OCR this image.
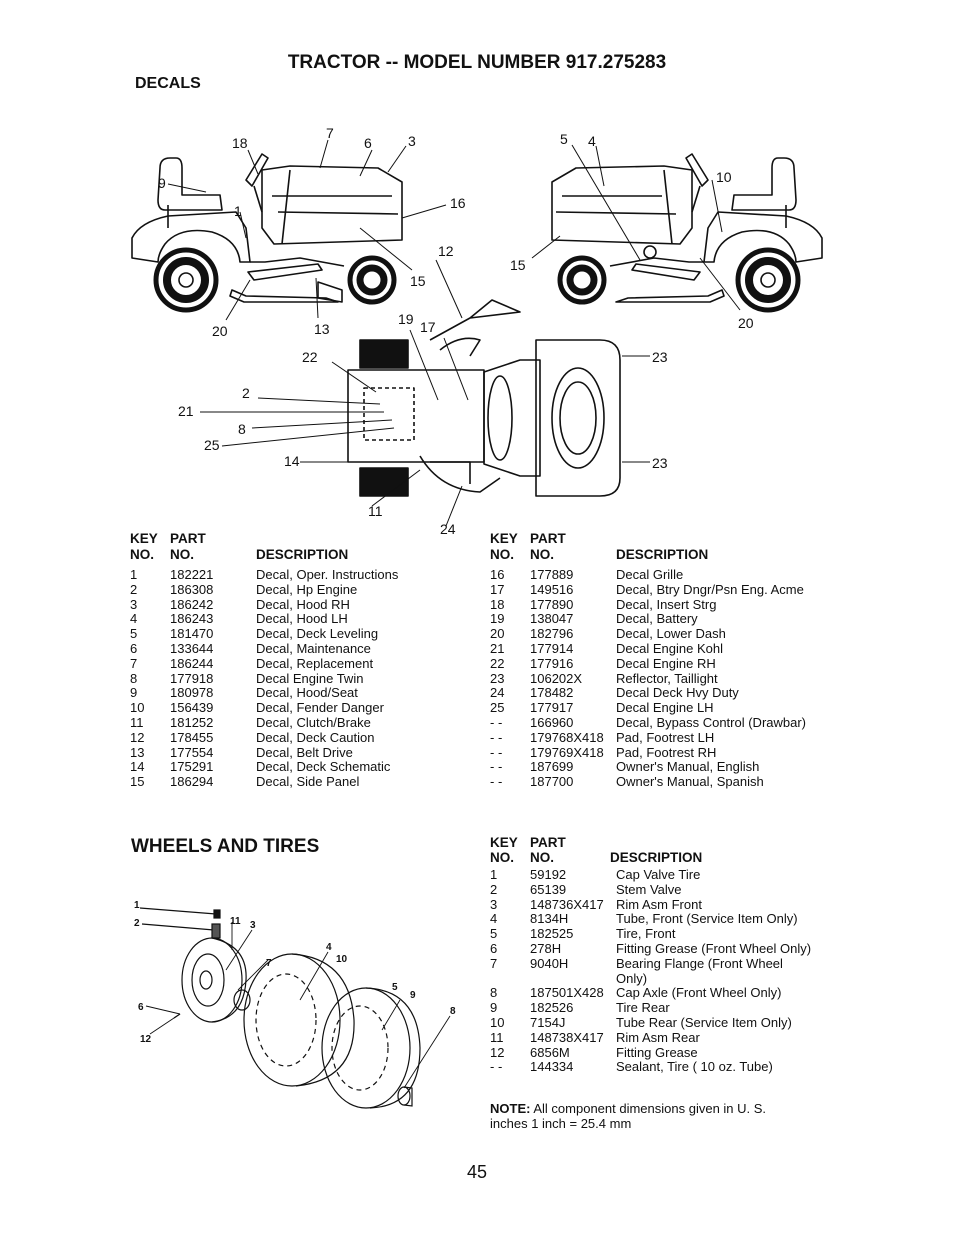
TRACTOR -- MODEL NUMBER 917.275283
DECALS
18
7
6	3
9
1	16
12
15
20	13
5 4
10
15
20
19 17
22	23
2
21
8
25
14	23
11
24
KEY PART
NO. NO.	DESCRIPTION
1	182221	Decal, Oper. Instructions
2	186308	Decal, Hp Engine
3	186242	Decal, Hood RH
4	186243	Decal, Hood LH
5	181470	Decal, Deck Leveling
6	133644	Decal, Maintenance
7	186244	Decal, Replacement
8	177918	Decal Engine Twin
9	180978	Decal, Hood/Seat
10 156439	Decal, Fender Danger
11 181252	Decal, Clutch/Brake
12 178455	Decal, Deck Caution
13 177554	Decal, Belt Drive
14 175291	Decal, Deck Schematic
15 186294	Decal, Side Panel
KEY PART
NO. NO.	DESCRIPTION
16 177889	Decal Grille
17 149516	Decal, Btry Dngr/Psn Eng. Acme
18 177890	Decal, Insert Strg
19 138047	Decal, Battery
20 182796	Decal, Lower Dash
21 177914	Decal Engine Kohl
22 177916	Decal Engine RH
23 106202X	Reflector, Taillight
24 178482	Decal Deck Hvy Duty
25 177917	Decal Engine LH
- - 166960	Decal, Bypass Control (Drawbar)
- - 179768X418 Pad, Footrest LH
- - 179769X418 Pad, Footrest RH
- - 187699	Owner's Manual, English
- - 187700	Owner's Manual, Spanish
WHEELS AND TIRES
1
2	11 3
4
10
7
5
9
8
6
12
KEY PART
NO. NO.	DESCRIPTION
1	59192	Cap Valve Tire
2	65139	Stem Valve
3	148736X417 Rim Asm Front
4	8134H	Tube, Front (Service Item Only)
5	182525	Tire, Front
6	278H	Fitting Grease (Front Wheel Only)
7	9040H	Bearing Flange (Front Wheel
Only)
8	187501X428 Cap Axle (Front Wheel Only)
9	182526	Tire Rear
10 7154J	Tube Rear (Service Item Only)
11 148738X417 Rim Asm Rear
12 6856M	Fitting Grease
- - 144334	Sealant, Tire ( 10 oz. Tube)
NOTE: All component dimensions given in U. S.
inches 1 inch = 25.4 mm
45
